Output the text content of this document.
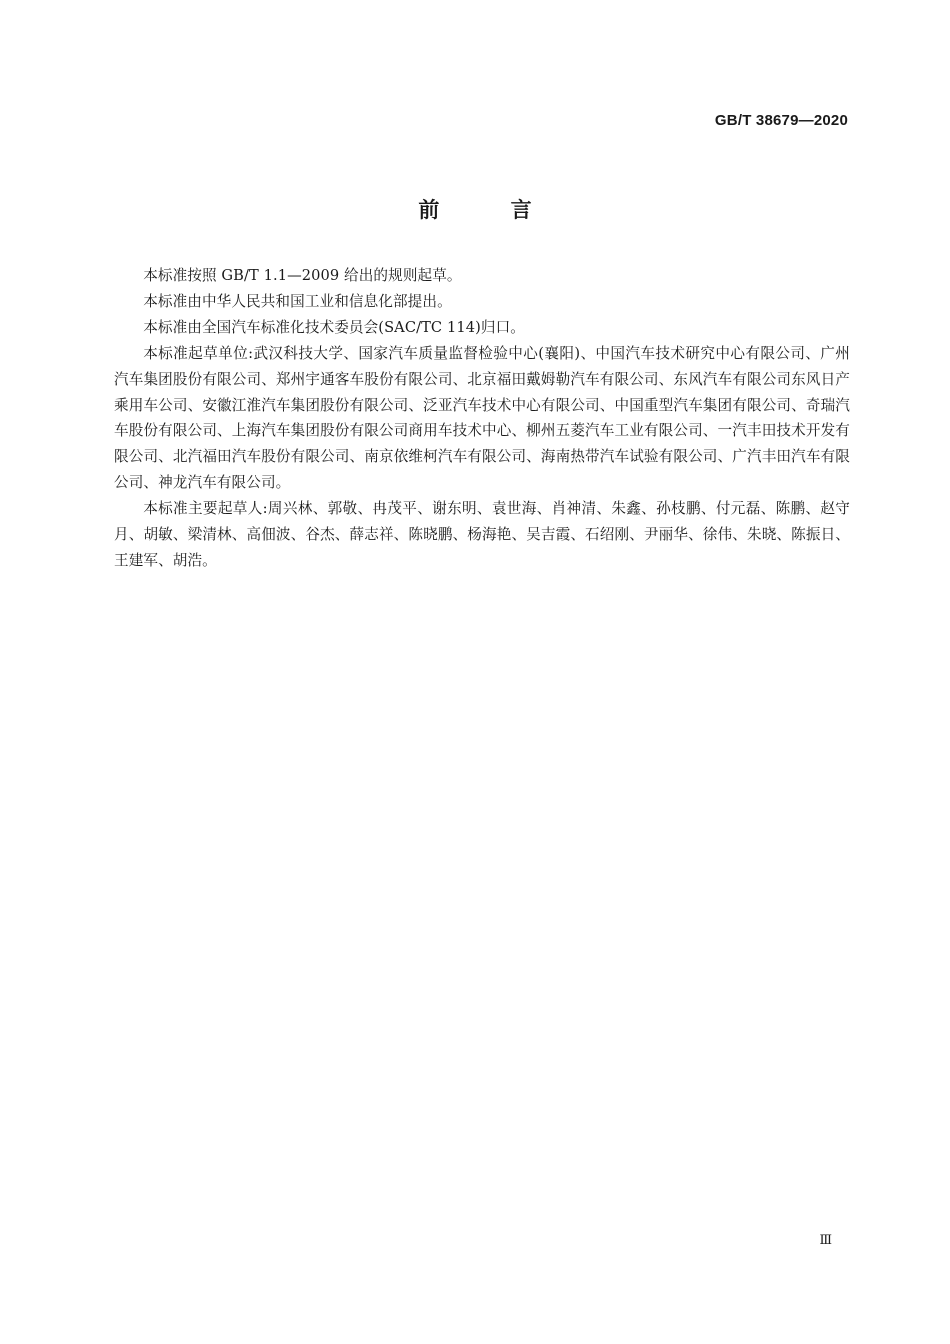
GB/T 38679—2020
前 言

本标准按照 GB/T 1.1—2009 给出的规则起草。

本标准由中华人民共和国工业和信息化部提出。

本标准由全国汽车标准化技术委员会(SAC/TC 114)归口。

本标准起草单位:武汉科技大学、国家汽车质量监督检验中心(襄阳)、中国汽车技术研究中心有限公司、广州汽车集团股份有限公司、郑州宇通客车股份有限公司、北京福田戴姆勒汽车有限公司、东风汽车有限公司东风日产乘用车公司、安徽江淮汽车集团股份有限公司、泛亚汽车技术中心有限公司、中国重型汽车集团有限公司、奇瑞汽车股份有限公司、上海汽车集团股份有限公司商用车技术中心、柳州五菱汽车工业有限公司、一汽丰田技术开发有限公司、北汽福田汽车股份有限公司、南京依维柯汽车有限公司、海南热带汽车试验有限公司、广汽丰田汽车有限公司、神龙汽车有限公司。

本标准主要起草人:周兴林、郭敬、冉茂平、谢东明、袁世海、肖神清、朱鑫、孙枝鹏、付元磊、陈鹏、赵守月、胡敏、梁清林、高佃波、谷杰、薛志祥、陈晓鹏、杨海艳、吴吉霞、石绍刚、尹丽华、徐伟、朱晓、陈振日、王建军、胡浩。

Ⅲ
